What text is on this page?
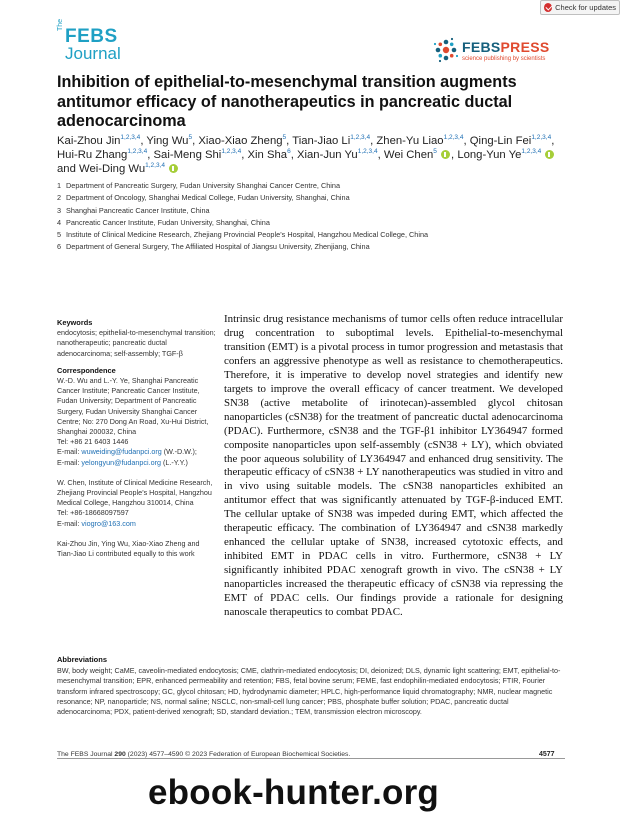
Check for updates
The
FEBS
Journal	FEBSPRESS
science publishing by scientists
Inhibition of epithelial-to-mesenchymal transition augments antitumor efficacy of nanotherapeutics in pancreatic ductal adenocarcinoma

Kai-Zhou Jin$^{1,2,3,4}$, Ying Wu$^5$, Xiao-Xiao Zheng$^5$, Tian-Jiao Li$^{1,2,3,4}$, Zhen-Yu Liao$^{1,2,3,4}$, Qing-Lin Fei$^{1,2,3,4}$, Hui-Ru Zhang$^{1,2,3,4}$, Sai-Meng Shi$^{1,2,3,4}$, Xin Sha$^6$, Xian-Jun Yu$^{1,2,3,4}$, Wei Chen$^5$ , Long-Yun Ye$^{1,2,3,4}$  and Wei-Ding Wu$^{1,2,3,4}$

1 Department of Pancreatic Surgery, Fudan University Shanghai Cancer Centre, China
2 Department of Oncology, Shanghai Medical College, Fudan University, Shanghai, China
3 Shanghai Pancreatic Cancer Institute, China
4 Pancreatic Cancer Institute, Fudan University, Shanghai, China
5 Institute of Clinical Medicine Research, Zhejiang Provincial People’s Hospital, Hangzhou Medical College, China
6 Department of General Surgery, The Affiliated Hospital of Jiangsu University, Zhenjiang, China
Keywords

endocytosis; epithelial-to-mesenchymal transition; nanotherapeutic; pancreatic ductal adenocarcinoma; self-assembly; TGF-β

Correspondence

W.-D. Wu and L.-Y. Ye, Shanghai Pancreatic Cancer Institute; Pancreatic Cancer Institute, Fudan University; Department of Pancreatic Surgery, Fudan University Shanghai Cancer Centre; No: 270 Dong An Road, Xu-Hui District, Shanghai 200032, China

Tel: +86 21 6403 1446

E-mail: wuweiding@fudanpci.org (W.-D.W.);

E-mail: yelongyun@fudanpci.org (L.-Y.Y.)

W. Chen, Institute of Clinical Medicine Research, Zhejiang Provincial People’s Hospital, Hangzhou Medical College, Hangzhou 310014, China

Tel: +86-18668097597

E-mail: viogro@163.com

Kai-Zhou Jin, Ying Wu, Xiao-Xiao Zheng and Tian-Jiao Li contributed equally to this work

Intrinsic drug resistance mechanisms of tumor cells often reduce intracellular drug concentration to suboptimal levels. Epithelial-to-mesenchymal transition (EMT) is a pivotal process in tumor progression and metastasis that confers an aggressive phenotype as well as resistance to chemotherapeutics. Therefore, it is imperative to develop novel strategies and identify new targets to improve the overall efficacy of cancer treatment. We developed SN38 (active metabolite of irinotecan)-assembled glycol chitosan nanoparticles (cSN38) for the treatment of pancreatic ductal adenocarcinoma (PDAC). Furthermore, cSN38 and the TGF-β1 inhibitor LY364947 formed composite nanoparticles upon self-assembly (cSN38 + LY), which obviated the poor aqueous solubility of LY364947 and enhanced drug sensitivity. The therapeutic efficacy of cSN38 + LY nanotherapeutics was studied in vitro and in vivo using suitable models. The cSN38 nanoparticles exhibited an antitumor effect that was significantly attenuated by TGF-β-induced EMT. The cellular uptake of SN38 was impeded during EMT, which affected the therapeutic efficacy. The combination of LY364947 and cSN38 markedly enhanced the cellular uptake of SN38, increased cytotoxic effects, and inhibited EMT in PDAC cells in vitro. Furthermore, cSN38 + LY significantly inhibited PDAC xenograft growth in vivo. The cSN38 + LY nanoparticles increased the therapeutic efficacy of cSN38 via repressing the EMT of PDAC cells. Our findings provide a rationale for designing nanoscale therapeutics to combat PDAC.

Abbreviations

BW, body weight; CaME, caveolin-mediated endocytosis; CME, clathrin-mediated endocytosis; DI, deionized; DLS, dynamic light scattering; EMT, epithelial-to-mesenchymal transition; EPR, enhanced permeability and retention; FBS, fetal bovine serum; FEME, fast endophilin-mediated endocytosis; FTIR, Fourier transform infrared spectroscopy; GC, glycol chitosan; HD, hydrodynamic diameter; HPLC, high-performance liquid chromatography; NMR, nuclear magnetic resonance; NP, nanoparticle; NS, normal saline; NSCLC, non-small-cell lung cancer; PBS, phosphate buffer solution; PDAC, pancreatic ductal adenocarcinoma; PDX, patient-derived xenograft; SD, standard deviation.; TEM, transmission electron microscopy.

The FEBS Journal 290 (2023) 4577–4590 © 2023 Federation of European Biochemical Societies.	4577
ebook-hunter.org
